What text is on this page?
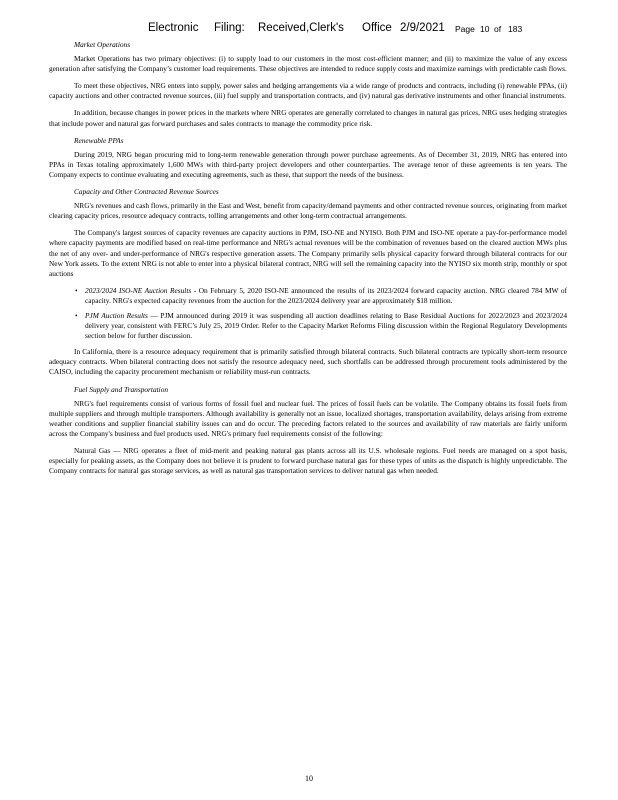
Electronic Filing: Received,Clerk's Office 2/9/2021 Page 10 of 183
Market Operations
Market Operations has two primary objectives: (i) to supply load to our customers in the most cost-efficient manner; and (ii) to maximize the value of any excess generation after satisfying the Company’s customer load requirements. These objectives are intended to reduce supply costs and maximize earnings with predictable cash flows.
To meet these objectives, NRG enters into supply, power sales and hedging arrangements via a wide range of products and contracts, including (i) renewable PPAs, (ii) capacity auctions and other contracted revenue sources, (iii) fuel supply and transportation contracts, and (iv) natural gas derivative instruments and other financial instruments.
In addition, because changes in power prices in the markets where NRG operates are generally correlated to changes in natural gas prices, NRG uses hedging strategies that include power and natural gas forward purchases and sales contracts to manage the commodity price risk.
Renewable PPAs
During 2019, NRG began procuring mid to long-term renewable generation through power purchase agreements. As of December 31, 2019, NRG has entered into PPAs in Texas totaling approximately 1,600 MWs with third-party project developers and other counterparties. The average tenor of these agreements is ten years. The Company expects to continue evaluating and executing agreements, such as these, that support the needs of the business.
Capacity and Other Contracted Revenue Sources
NRG's revenues and cash flows, primarily in the East and West, benefit from capacity/demand payments and other contracted revenue sources, originating from market clearing capacity prices, resource adequacy contracts, tolling arrangements and other long-term contractual arrangements.
The Company's largest sources of capacity revenues are capacity auctions in PJM, ISO-NE and NYISO. Both PJM and ISO-NE operate a pay-for-performance model where capacity payments are modified based on real-time performance and NRG's actual revenues will be the combination of revenues based on the cleared auction MWs plus the net of any over- and under-performance of NRG's respective generation assets. The Company primarily sells physical capacity forward through bilateral contracts for our New York assets. To the extent NRG is not able to enter into a physical bilateral contract, NRG will sell the remaining capacity into the NYISO six month strip, monthly or spot auctions
• 2023/2024 ISO-NE Auction Results - On February 5, 2020 ISO-NE announced the results of its 2023/2024 forward capacity auction. NRG cleared 784 MW of capacity. NRG's expected capacity revenues from the auction for the 2023/2024 delivery year are approximately $18 million.
• PJM Auction Results — PJM announced during 2019 it was suspending all auction deadlines relating to Base Residual Auctions for 2022/2023 and 2023/2024 delivery year, consistent with FERC’s July 25, 2019 Order. Refer to the Capacity Market Reforms Filing discussion within the Regional Regulatory Developments section below for further discussion.
In California, there is a resource adequacy requirement that is primarily satisfied through bilateral contracts. Such bilateral contracts are typically short-term resource adequacy contracts. When bilateral contracting does not satisfy the resource adequacy need, such shortfalls can be addressed through procurement tools administered by the CAISO, including the capacity procurement mechanism or reliability must-run contracts.
Fuel Supply and Transportation
NRG's fuel requirements consist of various forms of fossil fuel and nuclear fuel. The prices of fossil fuels can be volatile. The Company obtains its fossil fuels from multiple suppliers and through multiple transporters. Although availability is generally not an issue, localized shortages, transportation availability, delays arising from extreme weather conditions and supplier financial stability issues can and do occur. The preceding factors related to the sources and availability of raw materials are fairly uniform across the Company's business and fuel products used. NRG's primary fuel requirements consist of the following:
Natural Gas — NRG operates a fleet of mid-merit and peaking natural gas plants across all its U.S. wholesale regions. Fuel needs are managed on a spot basis, especially for peaking assets, as the Company does not believe it is prudent to forward purchase natural gas for these types of units as the dispatch is highly unpredictable. The Company contracts for natural gas storage services, as well as natural gas transportation services to deliver natural gas when needed.
10
